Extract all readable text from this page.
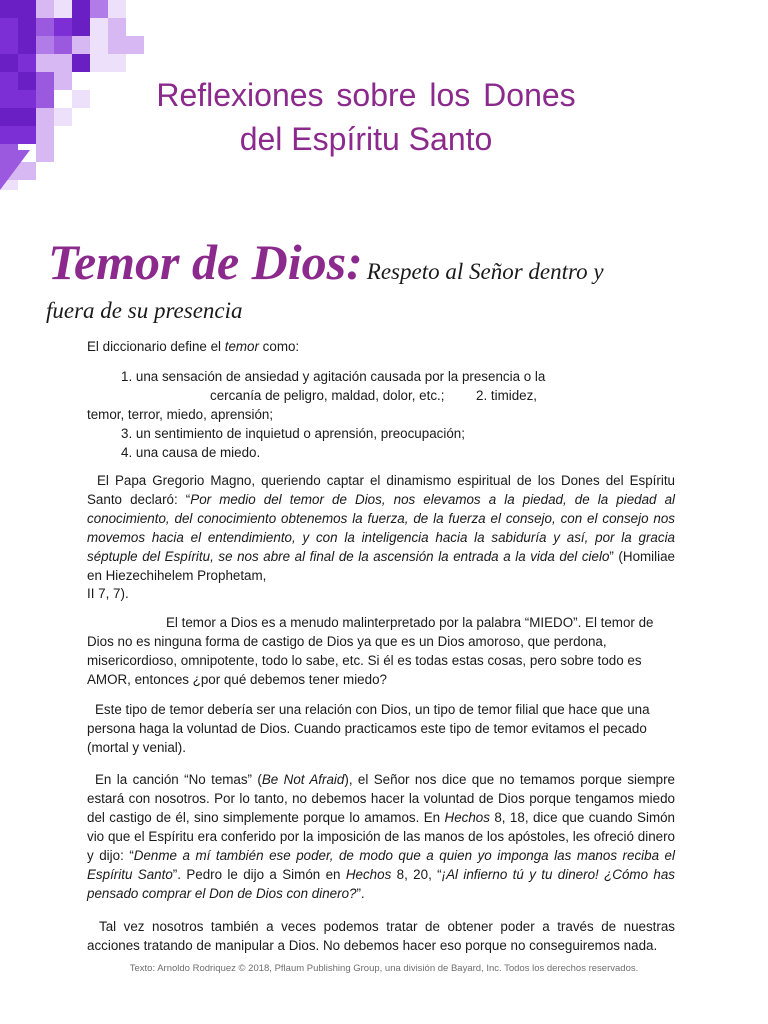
Reflexiones sobre los Dones
del Espíritu Santo
Temor de Dios: Respeto al Señor dentro y
fuera de su presencia
El diccionario define el temor como:
1. una sensación de ansiedad y agitación causada por la presencia o la
cercanía de peligro, maldad, dolor, etc.; 2. timidez,
temor, terror, miedo, aprensión;
3. un sentimiento de inquietud o aprensión, preocupación;
4. una causa de miedo.
El Papa Gregorio Magno, queriendo captar el dinamismo espiritual de los Dones del Espíritu Santo declaró: “Por medio del temor de Dios, nos elevamos a la piedad, de la piedad al conocimiento, del conocimiento obtenemos la fuerza, de la fuerza el consejo, con el consejo nos movemos hacia el entendimiento, y con la inteligencia hacia la sabiduría y así, por la gracia séptuple del Espíritu, se nos abre al final de la ascensión la entrada a la vida del cielo” (Homiliae en Hiezechihelem Prophetam,
II 7, 7).
El temor a Dios es a menudo malinterpretado por la palabra “MIEDO”. El temor de
Dios no es ninguna forma de castigo de Dios ya que es un Dios amoroso, que perdona, misericordioso, omnipotente, todo lo sabe, etc. Si él es todas estas cosas, pero sobre todo es AMOR, entonces ¿por qué debemos tener miedo?
Este tipo de temor debería ser una relación con Dios, un tipo de temor filial que hace que una persona haga la voluntad de Dios. Cuando practicamos este tipo de temor evitamos el pecado (mortal y venial).
En la canción “No temas” (Be Not Afraid), el Señor nos dice que no temamos porque siempre estará con nosotros. Por lo tanto, no debemos hacer la voluntad de Dios porque tengamos miedo del castigo de él, sino simplemente porque lo amamos. En Hechos 8, 18, dice que cuando Simón vio que el Espíritu era conferido por la imposición de las manos de los apóstoles, les ofreció dinero y dijo: “Denme a mí también ese poder, de modo que a quien yo imponga las manos reciba el Espíritu Santo”. Pedro le dijo a Simón en Hechos 8, 20, “¡Al infierno tú y tu dinero! ¿Cómo has pensado comprar el Don de Dios con dinero?”.
Tal vez nosotros también a veces podemos tratar de obtener poder a través de nuestras acciones tratando de manipular a Dios. No debemos hacer eso porque no conseguiremos nada.
Texto: Arnoldo Rodriquez © 2018, Pflaum Publishing Group, una división de Bayard, Inc. Todos los derechos reservados.
